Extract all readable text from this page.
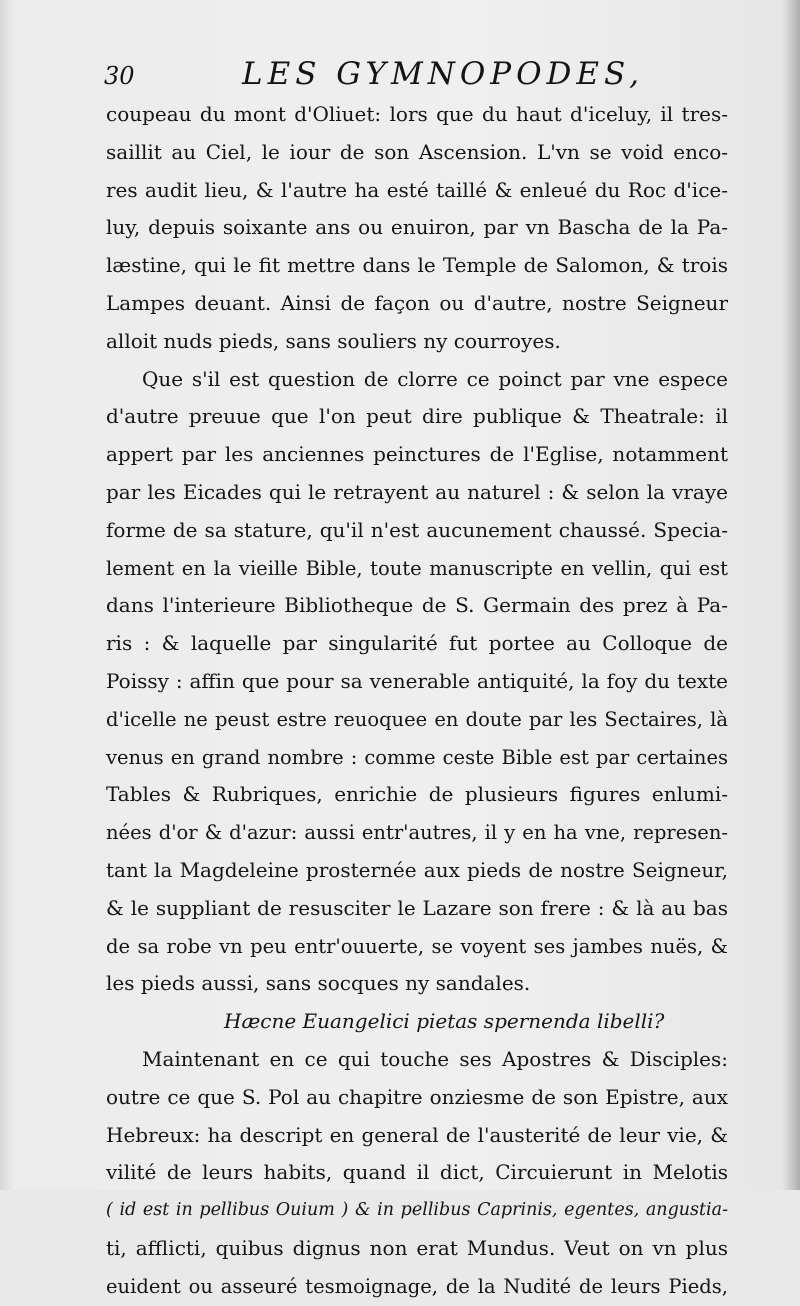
30	LES GYMNOPODES,
coupeau du mont d'Oliuet: lors que du haut d'iceluy, il tres-
saillit au Ciel, le iour de son Ascension. L'vn se void enco-
res audit lieu, & l'autre ha esté taillé & enleué du Roc d'ice-
luy, depuis soixante ans ou enuiron, par vn Bascha de la Pa-
læstine, qui le fit mettre dans le Temple de Salomon, & trois
Lampes deuant. Ainsi de façon ou d'autre, nostre Seigneur
alloit nuds pieds, sans souliers ny courroyes.
Que s'il est question de clorre ce poinct par vne espece
d'autre preuue que l'on peut dire publique & Theatrale: il
appert par les anciennes peinctures de l'Eglise, notamment
par les Eicades qui le retrayent au naturel : & selon la vraye
forme de sa stature, qu'il n'est aucunement chaussé. Specia-
lement en la vieille Bible, toute manuscripte en vellin, qui est
dans l'interieure Bibliotheque de S. Germain des prez à Pa-
ris : & laquelle par singularité fut portee au Colloque de
Poissy : affin que pour sa venerable antiquité, la foy du texte
d'icelle ne peust estre reuoquee en doute par les Sectaires, là
venus en grand nombre : comme ceste Bible est par certaines
Tables & Rubriques, enrichie de plusieurs figures enlumi-
nées d'or & d'azur: aussi entr'autres, il y en ha vne, represen-
tant la Magdeleine prosternée aux pieds de nostre Seigneur,
& le suppliant de resusciter le Lazare son frere : & là au bas
de sa robe vn peu entr'ouuerte, se voyent ses jambes nuës, &
les pieds aussi, sans socques ny sandales.
Hæcne Euangelici pietas spernenda libelli?
Maintenant en ce qui touche ses Apostres & Disciples:
outre ce que S. Pol au chapitre onziesme de son Epistre, aux
Hebreux: ha descript en general de l'austerité de leur vie, &
vilité de leurs habits, quand il dict, Circuierunt in Melotis
( id est in pellibus Ouium ) & in pellibus Caprinis, egentes, angustia-
ti, afflicti, quibus dignus non erat Mundus. Veut on vn plus
euident ou asseuré tesmoignage, de la Nudité de leurs Pieds,
